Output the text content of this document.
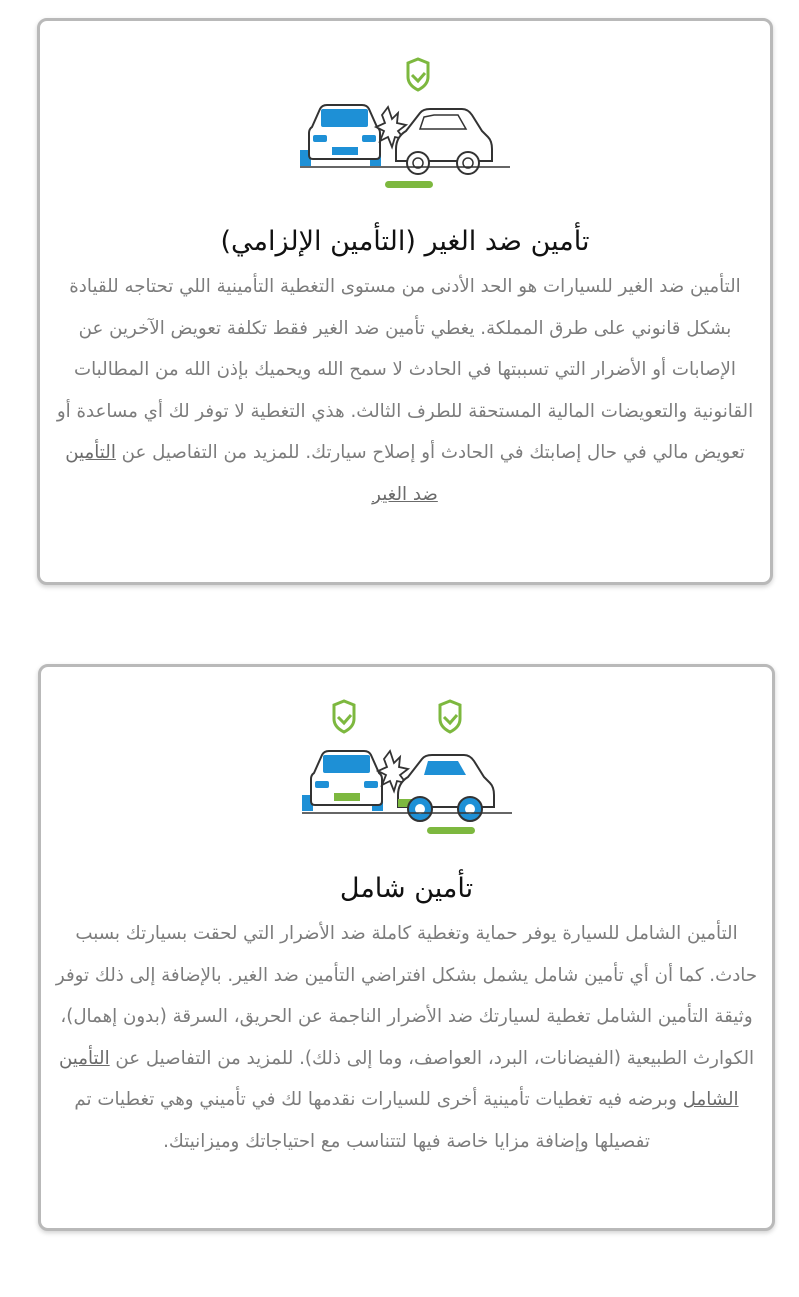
تأمين ضد الغير (التأمين الإلزامي)

التأمين ضد الغير للسيارات هو الحد الأدنى من مستوى التغطية التأمينية اللي تحتاجه للقيادة بشكل قانوني على طرق المملكة. يغطي تأمين ضد الغير فقط تكلفة تعويض الآخرين عن الإصابات أو الأضرار التي تسببتها في الحادث لا سمح الله ويحميك بإذن الله من المطالبات القانونية والتعويضات المالية المستحقة للطرف الثالث. هذي التغطية لا توفر لك أي مساعدة أو تعويض مالي في حال إصابتك في الحادث أو إصلاح سيارتك. للمزيد من التفاصيل عن التأمين ضد الغير

تأمين شامل

التأمين الشامل للسيارة يوفر حماية وتغطية كاملة ضد الأضرار التي لحقت بسيارتك بسبب حادث. كما أن أي تأمين شامل يشمل بشكل افتراضي التأمين ضد الغير. بالإضافة إلى ذلك توفر وثيقة التأمين الشامل تغطية لسيارتك ضد الأضرار الناجمة عن الحريق، السرقة (بدون إهمال)، الكوارث الطبيعية (الفيضانات، البرد، العواصف، وما إلى ذلك). للمزيد من التفاصيل عن التأمين الشامل وبرضه فيه تغطيات تأمينية أخرى للسيارات نقدمها لك في تأميني وهي تغطيات تم تفصيلها وإضافة مزايا خاصة فيها لتتناسب مع احتياجاتك وميزانيتك.
